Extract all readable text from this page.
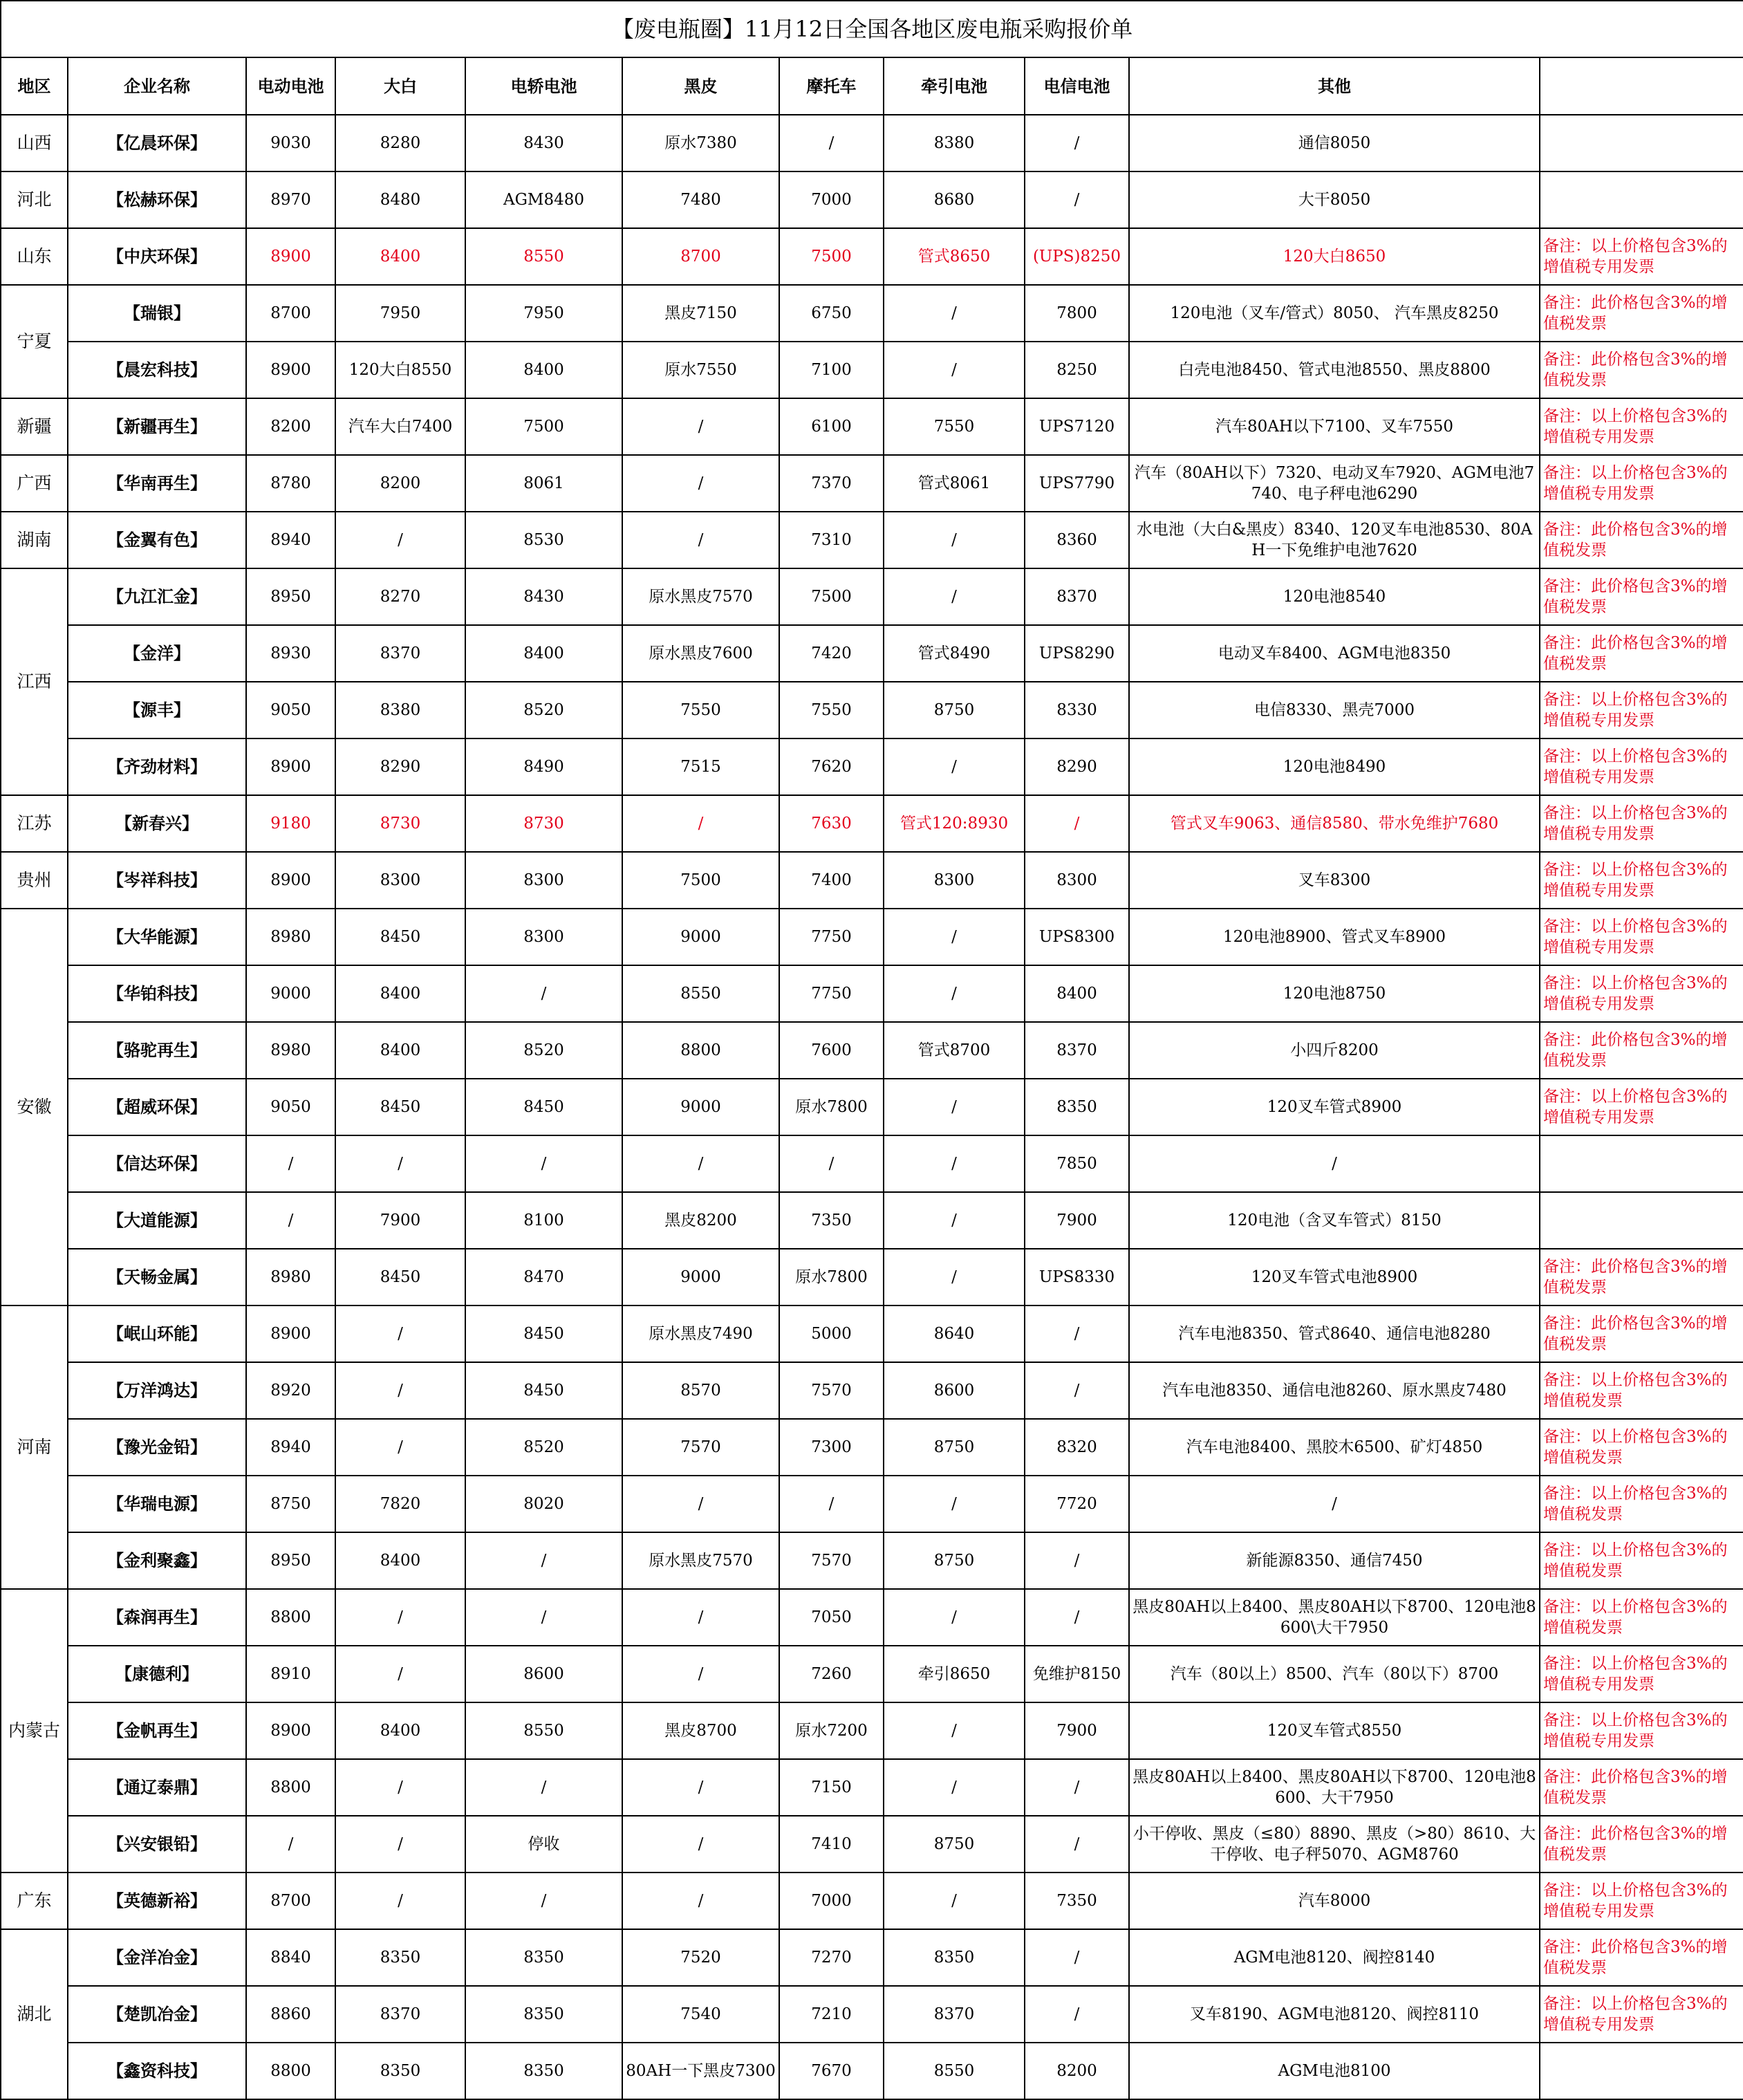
【废电瓶圈】11月12日全国各地区废电瓶采购报价单										
地区	企业名称	电动电池	大白	电轿电池	黑皮	摩托车	牵引电池	电信电池	其他	
山西	【亿晨环保】	9030	8280	8430	原水7380	/	8380	/	通信8050	
河北	【松赫环保】	8970	8480	AGM8480	7480	7000	8680	/	大干8050	
山东	【中庆环保】	8900	8400	8550	8700	7500	管式8650	(UPS)8250	120大白8650	备注：以上价格包含3%的增值税专用发票
宁夏	【瑞银】	8700	7950	7950	黑皮7150	6750	/	7800	120电池（叉车/管式）8050、 汽车黑皮8250	备注：此价格包含3%的增值税发票
	【晨宏科技】	8900	120大白8550	8400	原水7550	7100	/	8250	白壳电池8450、管式电池8550、黑皮8800	备注：此价格包含3%的增值税发票
新疆	【新疆再生】	8200	汽车大白7400	7500	/	6100	7550	UPS7120	汽车80AH以下7100、叉车7550	备注：以上价格包含3%的增值税专用发票
广西	【华南再生】	8780	8200	8061	/	7370	管式8061	UPS7790	汽车（80AH以下）7320、电动叉车7920、AGM电池7740、电子秤电池6290	备注：以上价格包含3%的增值税专用发票
湖南	【金翼有色】	8940	/	8530	/	7310	/	8360	水电池（大白&黑皮）8340、120叉车电池8530、80AH一下免维护电池7620	备注：此价格包含3%的增值税发票
江西	【九江汇金】	8950	8270	8430	原水黑皮7570	7500	/	8370	120电池8540	备注：此价格包含3%的增值税发票
	【金洋】	8930	8370	8400	原水黑皮7600	7420	管式8490	UPS8290	电动叉车8400、AGM电池8350	备注：此价格包含3%的增值税发票
	【源丰】	9050	8380	8520	7550	7550	8750	8330	电信8330、黑壳7000	备注：以上价格包含3%的增值税专用发票
	【齐劲材料】	8900	8290	8490	7515	7620	/	8290	120电池8490	备注：以上价格包含3%的增值税专用发票
江苏	【新春兴】	9180	8730	8730	/	7630	管式120:8930	/	管式叉车9063、通信8580、带水免维护7680	备注：以上价格包含3%的增值税专用发票
贵州	【岑祥科技】	8900	8300	8300	7500	7400	8300	8300	叉车8300	备注：以上价格包含3%的增值税专用发票
安徽	【大华能源】	8980	8450	8300	9000	7750	/	UPS8300	120电池8900、管式叉车8900	备注：以上价格包含3%的增值税专用发票
	【华铂科技】	9000	8400	/	8550	7750	/	8400	120电池8750	备注：以上价格包含3%的增值税专用发票
	【骆驼再生】	8980	8400	8520	8800	7600	管式8700	8370	小四斤8200	备注：此价格包含3%的增值税发票
	【超威环保】	9050	8450	8450	9000	原水7800	/	8350	120叉车管式8900	备注：以上价格包含3%的增值税专用发票
	【信达环保】	/	/	/	/	/	/	7850	/	
	【大道能源】	/	7900	8100	黑皮8200	7350	/	7900	120电池（含叉车管式）8150	
	【天畅金属】	8980	8450	8470	9000	原水7800	/	UPS8330	120叉车管式电池8900	备注：此价格包含3%的增值税发票
河南	【岷山环能】	8900	/	8450	原水黑皮7490	5000	8640	/	汽车电池8350、管式8640、通信电池8280	备注：此价格包含3%的增值税发票
	【万洋鸿达】	8920	/	8450	8570	7570	8600	/	汽车电池8350、通信电池8260、原水黑皮7480	备注：以上价格包含3%的增值税发票
	【豫光金铅】	8940	/	8520	7570	7300	8750	8320	汽车电池8400、黑胶木6500、矿灯4850	备注：以上价格包含3%的增值税发票
	【华瑞电源】	8750	7820	8020	/	/	/	7720	/	备注：以上价格包含3%的增值税发票
	【金利聚鑫】	8950	8400	/	原水黑皮7570	7570	8750	/	新能源8350、通信7450	备注：以上价格包含3%的增值税发票
内蒙古	【森润再生】	8800	/	/	/	7050	/	/	黑皮80AH以上8400、黑皮80AH以下8700、120电池8600\大干7950	备注：以上价格包含3%的增值税发票
	【康德利】	8910	/	8600	/	7260	牵引8650	免维护8150	汽车（80以上）8500、汽车（80以下）8700	备注：以上价格包含3%的增值税专用发票
	【金帆再生】	8900	8400	8550	黑皮8700	原水7200	/	7900	120叉车管式8550	备注：以上价格包含3%的增值税专用发票
	【通辽泰鼎】	8800	/	/	/	7150	/	/	黑皮80AH以上8400、黑皮80AH以下8700、120电池8600、大干7950	备注：此价格包含3%的增值税发票
	【兴安银铅】	/	/	停收	/	7410	8750	/	小干停收、黑皮（≤80）8890、黑皮（>80）8610、大干停收、电子秤5070、AGM8760	备注：此价格包含3%的增值税发票
广东	【英德新裕】	8700	/	/	/	7000	/	7350	汽车8000	备注：以上价格包含3%的增值税专用发票
湖北	【金洋冶金】	8840	8350	8350	7520	7270	8350	/	AGM电池8120、阀控8140	备注：此价格包含3%的增值税发票
	【楚凯冶金】	8860	8370	8350	7540	7210	8370	/	叉车8190、AGM电池8120、阀控8110	备注：以上价格包含3%的增值税专用发票
	【鑫资科技】	8800	8350	8350	80AH一下黑皮7300	7670	8550	8200	AGM电池8100	
